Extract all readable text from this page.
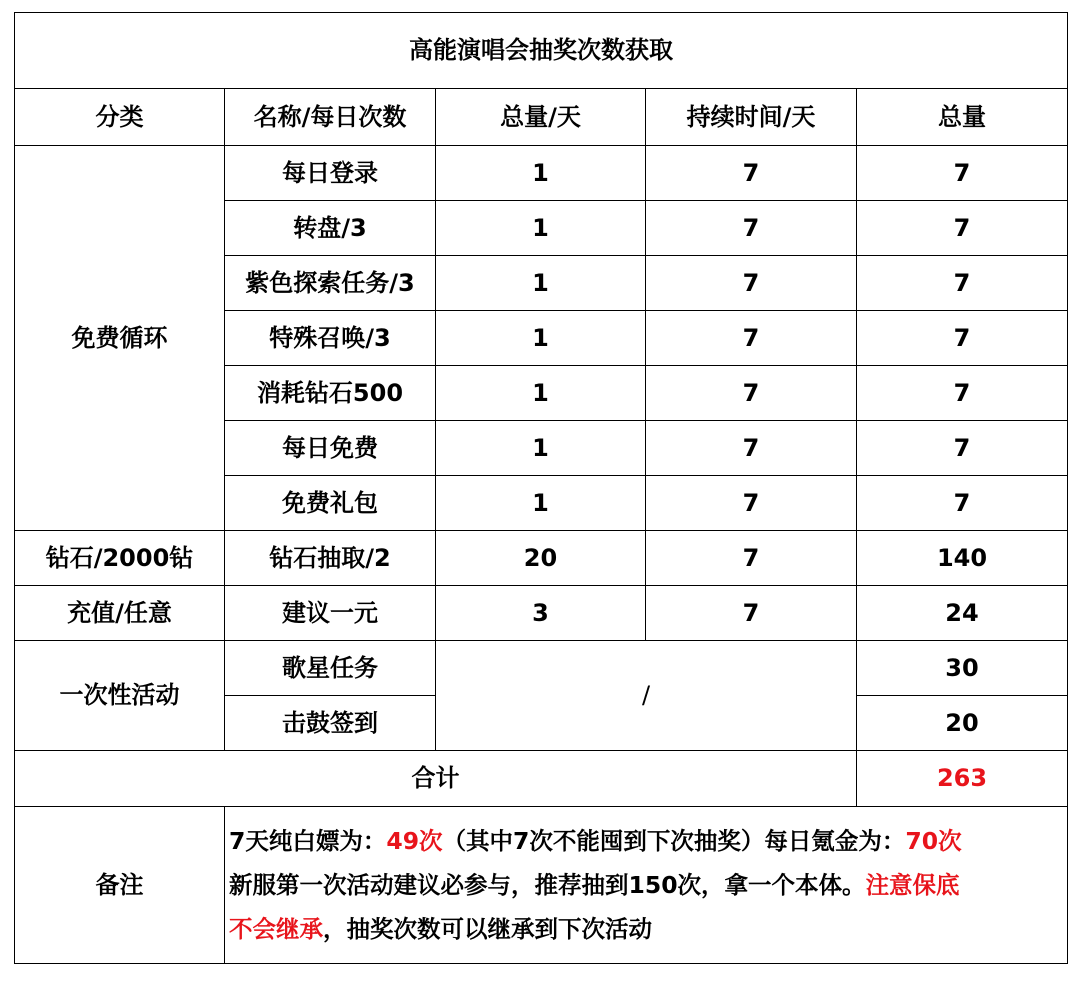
高能演唱会抽奖次数获取				
分类	名称/每日次数	总量/天	持续时间/天	总量
免费循环	每日登录	1	7	7
	转盘/3	1	7	7
	紫色探索任务/3	1	7	7
	特殊召唤/3	1	7	7
	消耗钻石500	1	7	7
	每日免费	1	7	7
	免费礼包	1	7	7
钻石/2000钻	钻石抽取/2	20	7	140
充值/任意	建议一元	3	7	24
一次性活动	歌星任务	/		30
	击鼓签到			20
合计				263
备注	7天纯白嫖为：49次（其中7次不能囤到下次抽奖）每日氪金为：70次
新服第一次活动建议必参与，推荐抽到150次，拿一个本体。注意保底
不会继承，抽奖次数可以继承到下次活动			
